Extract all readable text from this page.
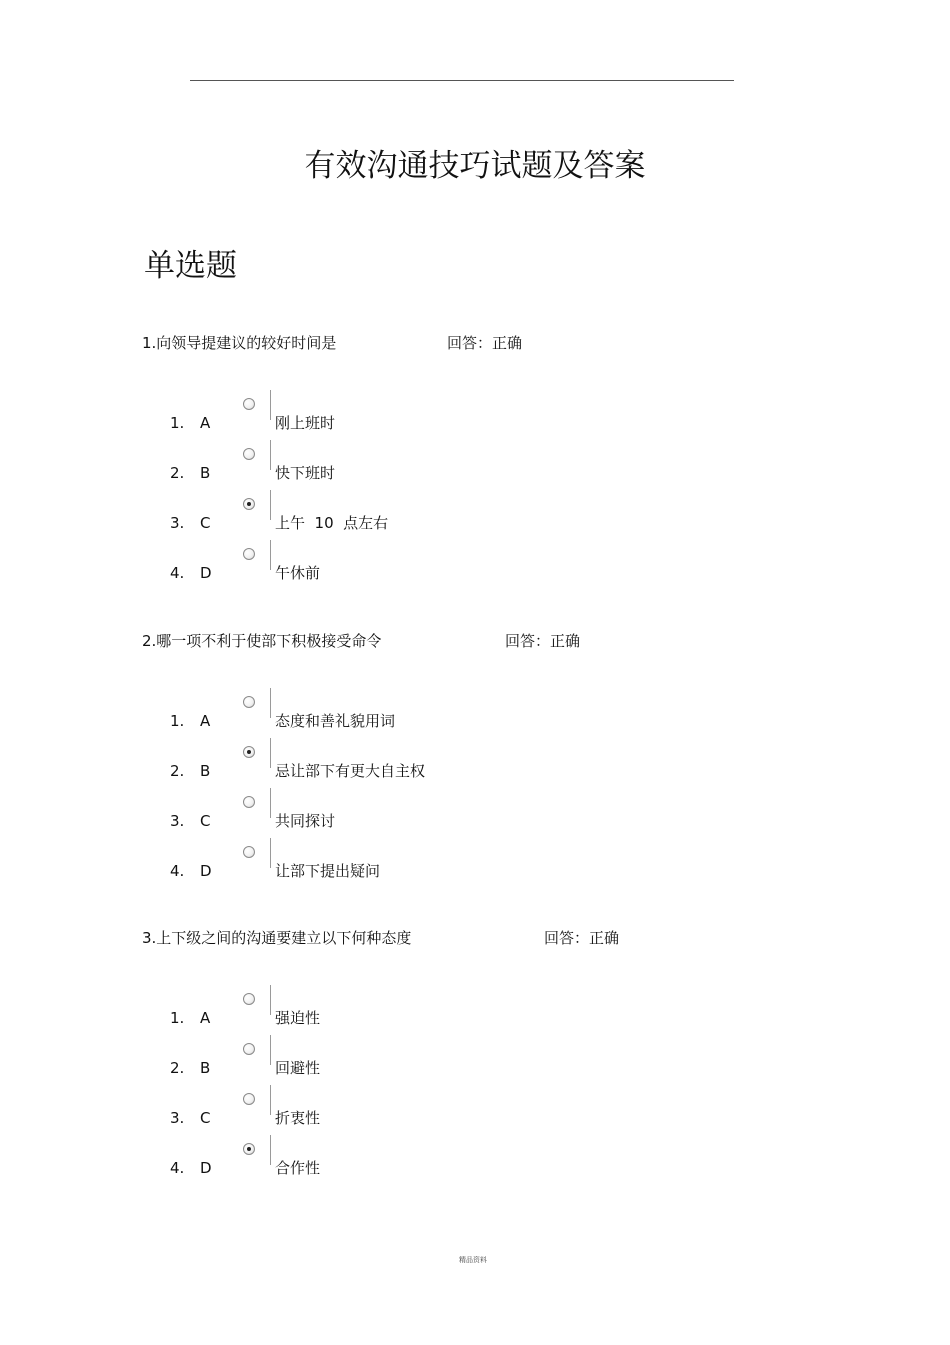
有效沟通技巧试题及答案
单选题
1.向领导提建议的较好时间是	回答：正确
1. A	刚上班时
2. B	快下班时
3. C	上午  10  点左右
4. D	午休前
2.哪一项不利于使部下积极接受命令	回答：正确
1. A	态度和善礼貌用词
2. B	忌让部下有更大自主权
3. C	共同探讨
4. D	让部下提出疑问
3.上下级之间的沟通要建立以下何种态度	回答：正确
1. A	强迫性
2. B	回避性
3. C	折衷性
4. D	合作性
精品资料
